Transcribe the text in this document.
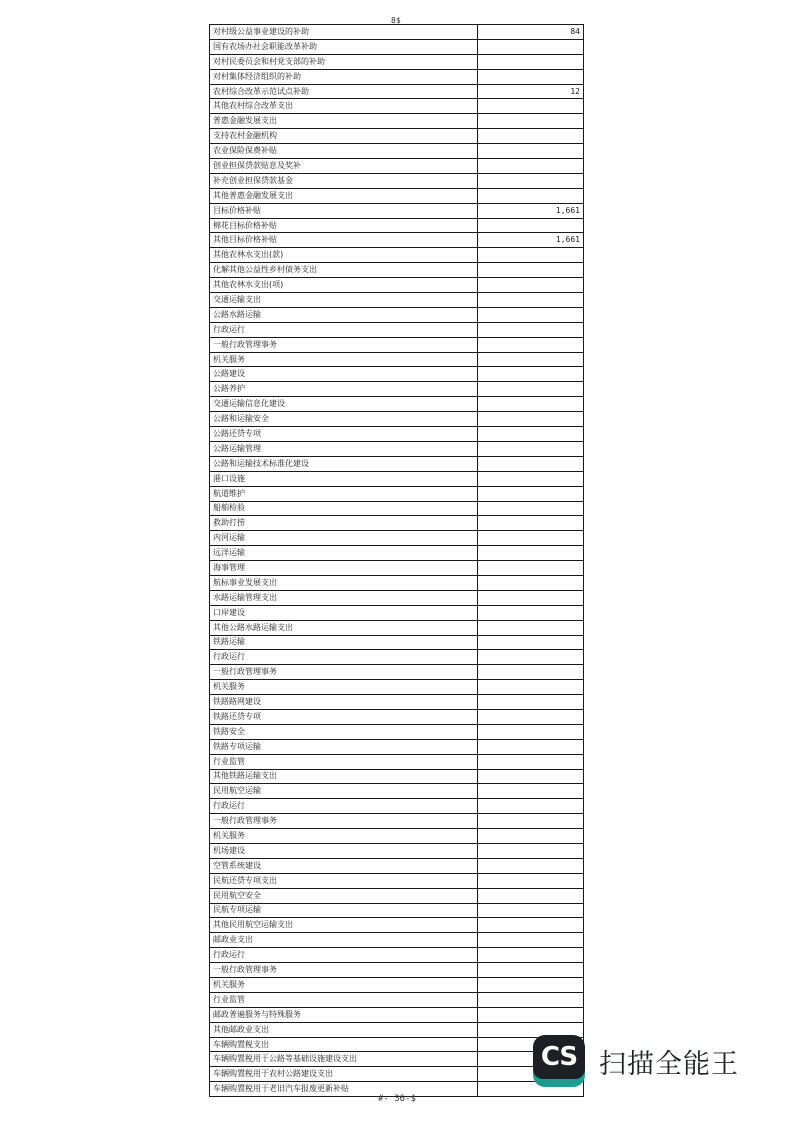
8$
对村级公益事业建设的补助	84
国有农场办社会职能改革补助	
对村民委员会和村党支部的补助	
对村集体经济组织的补助	
农村综合改革示范试点补助	12
其他农村综合改革支出	
普惠金融发展支出	
支持农村金融机构	
农业保险保费补贴	
创业担保贷款贴息及奖补	
补充创业担保贷款基金	
其他普惠金融发展支出	
目标价格补贴	1,661
棉花目标价格补贴	
其他目标价格补贴	1,661
其他农林水支出(款)	
化解其他公益性乡村债务支出	
其他农林水支出(项)	
交通运输支出	
公路水路运输	
行政运行	
一般行政管理事务	
机关服务	
公路建设	
公路养护	
交通运输信息化建设	
公路和运输安全	
公路还贷专项	
公路运输管理	
公路和运输技术标准化建设	
港口设施	
航道维护	
船舶检验	
救助打捞	
内河运输	
远洋运输	
海事管理	
航标事业发展支出	
水路运输管理支出	
口岸建设	
其他公路水路运输支出	
铁路运输	
行政运行	
一般行政管理事务	
机关服务	
铁路路网建设	
铁路还贷专项	
铁路安全	
铁路专项运输	
行业监管	
其他铁路运输支出	
民用航空运输	
行政运行	
一般行政管理事务	
机关服务	
机场建设	
空管系统建设	
民航还贷专项支出	
民用航空安全	
民航专项运输	
其他民用航空运输支出	
邮政业支出	
行政运行	
一般行政管理事务	
机关服务	
行业监管	
邮政普遍服务与特殊服务	
其他邮政业支出	
车辆购置税支出	
车辆购置税用于公路等基础设施建设支出	
车辆购置税用于农村公路建设支出	
车辆购置税用于老旧汽车报废更新补贴	
#- 36-$
CS 扫描全能王
